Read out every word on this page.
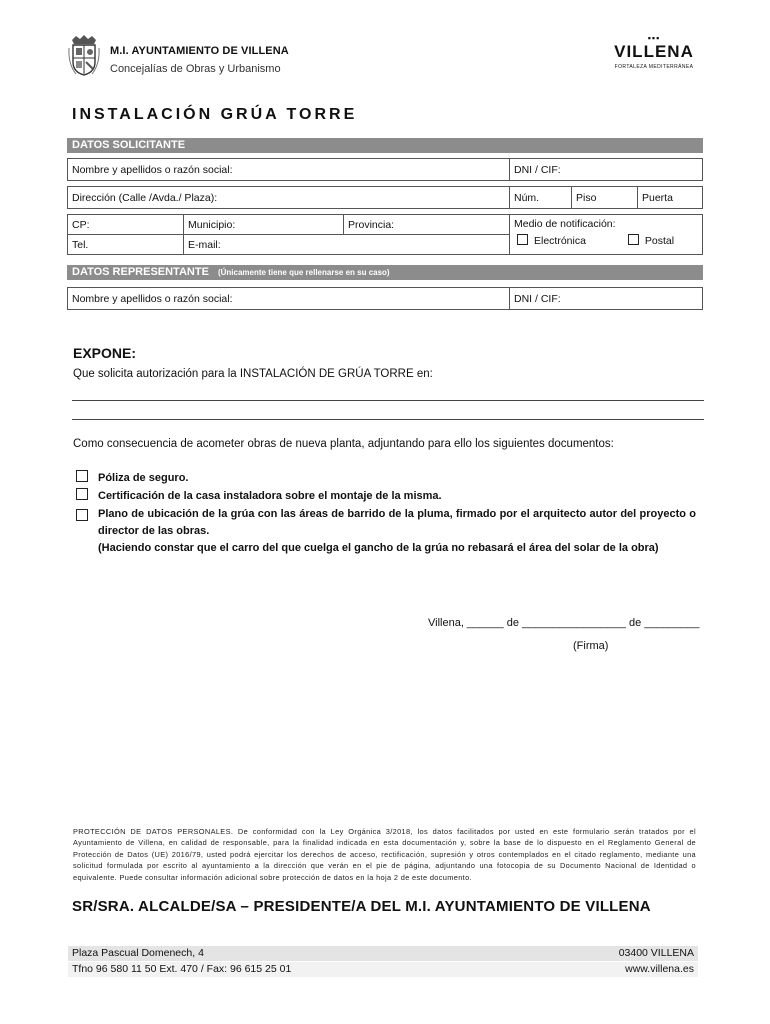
M.I. AYUNTAMIENTO DE VILLENA
Concejalías de Obras y Urbanismo
▪▪▪
VILLENA
FORTALEZA MEDITERRÁNEA
INSTALACIÓN GRÚA TORRE
DATOS SOLICITANTE
Nombre y apellidos o razón social:	DNI / CIF:
Dirección (Calle /Avda./ Plaza):	Núm.	Piso	Puerta
CP:	Municipio:	Provincia:
Tel.	E-mail:
Medio de notificación:
Electrónica	Postal
DATOS REPRESENTANTE (Únicamente tiene que rellenarse en su caso)
Nombre y apellidos o razón social:	DNI / CIF:
EXPONE:
Que solicita autorización para la INSTALACIÓN DE GRÚA TORRE en:
Como consecuencia de acometer obras de nueva planta, adjuntando para ello los siguientes documentos:
Póliza de seguro.
Certificación de la casa instaladora sobre el montaje de la misma.
Plano de ubicación de la grúa con las áreas de barrido de la pluma, firmado por el arquitecto autor del proyecto o director de las obras.
(Haciendo constar que el carro del que cuelga el gancho de la grúa no rebasará el área del solar de la obra)
Villena, ______ de _________________ de _________
(Firma)
PROTECCIÓN DE DATOS PERSONALES. De conformidad con la Ley Orgánica 3/2018, los datos facilitados por usted en este formulario serán tratados por el Ayuntamiento de Villena, en calidad de responsable, para la finalidad indicada en esta documentación y, sobre la base de lo dispuesto en el Reglamento General de Protección de Datos (UE) 2016/79, usted podrá ejercitar los derechos de acceso, rectificación, supresión y otros contemplados en el citado reglamento, mediante una solicitud formulada por escrito al ayuntamiento a la dirección que verán en el pie de página, adjuntando una fotocopia de su Documento Nacional de Identidad o equivalente. Puede consultar información adicional sobre protección de datos en la hoja 2 de este documento.
SR/SRA. ALCALDE/SA – PRESIDENTE/A DEL M.I. AYUNTAMIENTO DE VILLENA
Plaza Pascual Domenech, 4	03400 VILLENA
Tfno 96 580 11 50 Ext. 470 / Fax: 96 615 25 01	www.villena.es
